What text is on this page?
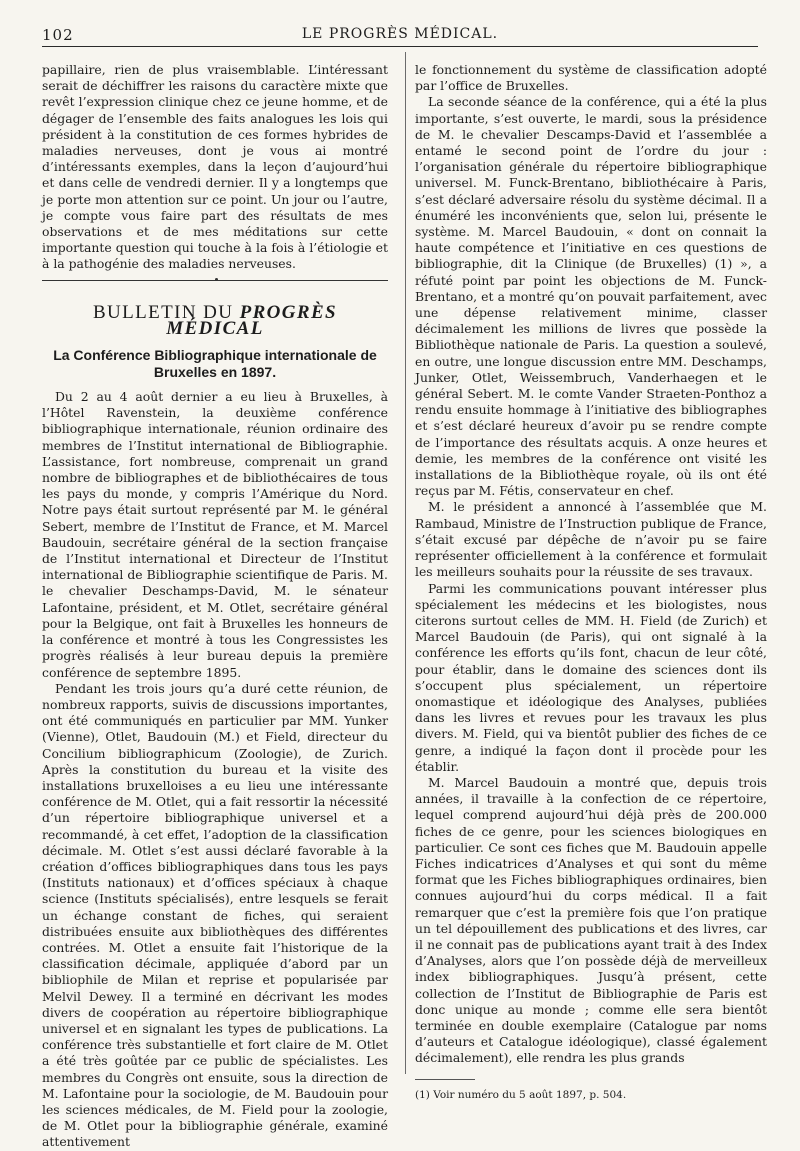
102	LE PROGRÈS MÉDICAL.

papillaire, rien de plus vraisemblable. L’intéressant serait de déchiffrer les raisons du caractère mixte que revêt l’expression clinique chez ce jeune homme, et de dégager de l’ensemble des faits analogues les lois qui président à la constitution de ces formes hybrides de maladies nerveuses, dont je vous ai montré d’intéressants exemples, dans la leçon d’aujourd’hui et dans celle de vendredi dernier. Il y a longtemps que je porte mon attention sur ce point. Un jour ou l’autre, je compte vous faire part des résultats de mes observations et de mes méditations sur cette importante question qui touche à la fois à l’étiologie et à la pathogénie des maladies nerveuses.

BULLETIN DU PROGRÈS MÉDICAL
La Conférence Bibliographique internationale de Bruxelles en 1897.

Du 2 au 4 août dernier a eu lieu à Bruxelles, à l’Hôtel Ravenstein, la deuxième conférence bibliographique internationale, réunion ordinaire des membres de l’Institut international de Bibliographie. L’assistance, fort nombreuse, comprenait un grand nombre de bibliographes et de bibliothécaires de tous les pays du monde, y compris l’Amérique du Nord. Notre pays était surtout représenté par M. le général Sebert, membre de l’Institut de France, et M. Marcel Baudouin, secrétaire général de la section française de l’Institut international et Directeur de l’Institut international de Bibliographie scientifique de Paris. M. le chevalier Deschamps-David, M. le sénateur Lafontaine, président, et M. Otlet, secrétaire général pour la Belgique, ont fait à Bruxelles les honneurs de la conférence et montré à tous les Congressistes les progrès réalisés à leur bureau depuis la première conférence de septembre 1895.

Pendant les trois jours qu’a duré cette réunion, de nombreux rapports, suivis de discussions importantes, ont été communiqués en particulier par MM. Yunker (Vienne), Otlet, Baudouin (M.) et Field, directeur du Concilium bibliographicum (Zoologie), de Zurich. Après la constitution du bureau et la visite des installations bruxelloises a eu lieu une intéressante conférence de M. Otlet, qui a fait ressortir la nécessité d’un répertoire bibliographique universel et a recommandé, à cet effet, l’adoption de la classification décimale. M. Otlet s’est aussi déclaré favorable à la création d’offices bibliographiques dans tous les pays (Instituts nationaux) et d’offices spéciaux à chaque science (Instituts spécialisés), entre lesquels se ferait un échange constant de fiches, qui seraient distribuées ensuite aux bibliothèques des différentes contrées. M. Otlet a ensuite fait l’historique de la classification décimale, appliquée d’abord par un bibliophile de Milan et reprise et popularisée par Melvil Dewey. Il a terminé en décrivant les modes divers de coopération au répertoire bibliographique universel et en signalant les types de publications. La conférence très substantielle et fort claire de M. Otlet a été très goûtée par ce public de spécialistes. Les membres du Congrès ont ensuite, sous la direction de M. Lafontaine pour la sociologie, de M. Baudouin pour les sciences médicales, de M. Field pour la zoologie, de M. Otlet pour la bibliographie générale, examiné attentivement

le fonctionnement du système de classification adopté par l’office de Bruxelles.

La seconde séance de la conférence, qui a été la plus importante, s’est ouverte, le mardi, sous la présidence de M. le chevalier Descamps-David et l’assemblée a entamé le second point de l’ordre du jour : l’organisation générale du répertoire bibliographique universel. M. Funck-Brentano, bibliothécaire à Paris, s’est déclaré adversaire résolu du système décimal. Il a énuméré les inconvénients que, selon lui, présente le système. M. Marcel Baudouin, « dont on connait la haute compétence et l’initiative en ces questions de bibliographie, dit la Clinique (de Bruxelles) (1) », a réfuté point par point les objections de M. Funck-Brentano, et a montré qu’on pouvait parfaitement, avec une dépense relativement minime, classer décimalement les millions de livres que possède la Bibliothèque nationale de Paris. La question a soulevé, en outre, une longue discussion entre MM. Deschamps, Junker, Otlet, Weissembruch, Vanderhaegen et le général Sebert. M. le comte Vander Straeten-Ponthoz a rendu ensuite hommage à l’initiative des bibliographes et s’est déclaré heureux d’avoir pu se rendre compte de l’importance des résultats acquis. A onze heures et demie, les membres de la conférence ont visité les installations de la Bibliothèque royale, où ils ont été reçus par M. Fétis, conservateur en chef.

M. le président a annoncé à l’assemblée que M. Rambaud, Ministre de l’Instruction publique de France, s’était excusé par dépêche de n’avoir pu se faire représenter officiellement à la conférence et formulait les meilleurs souhaits pour la réussite de ses travaux.

Parmi les communications pouvant intéresser plus spécialement les médecins et les biologistes, nous citerons surtout celles de MM. H. Field (de Zurich) et Marcel Baudouin (de Paris), qui ont signalé à la conférence les efforts qu’ils font, chacun de leur côté, pour établir, dans le domaine des sciences dont ils s’occupent plus spécialement, un répertoire onomastique et idéologique des Analyses, publiées dans les livres et revues pour les travaux les plus divers. M. Field, qui va bientôt publier des fiches de ce genre, a indiqué la façon dont il procède pour les établir.

M. Marcel Baudouin a montré que, depuis trois années, il travaille à la confection de ce répertoire, lequel comprend aujourd’hui déjà près de 200.000 fiches de ce genre, pour les sciences biologiques en particulier. Ce sont ces fiches que M. Baudouin appelle Fiches indicatrices d’Analyses et qui sont du même format que les Fiches bibliographiques ordinaires, bien connues aujourd’hui du corps médical. Il a fait remarquer que c’est la première fois que l’on pratique un tel dépouillement des publications et des livres, car il ne connait pas de publications ayant trait à des Index d’Analyses, alors que l’on possède déjà de merveilleux index bibliographiques. Jusqu’à présent, cette collection de l’Institut de Bibliographie de Paris est donc unique au monde ; comme elle sera bientôt terminée en double exemplaire (Catalogue par noms d’auteurs et Catalogue idéologique), classé également décimalement), elle rendra les plus grands

(1) Voir numéro du 5 août 1897, p. 504.
